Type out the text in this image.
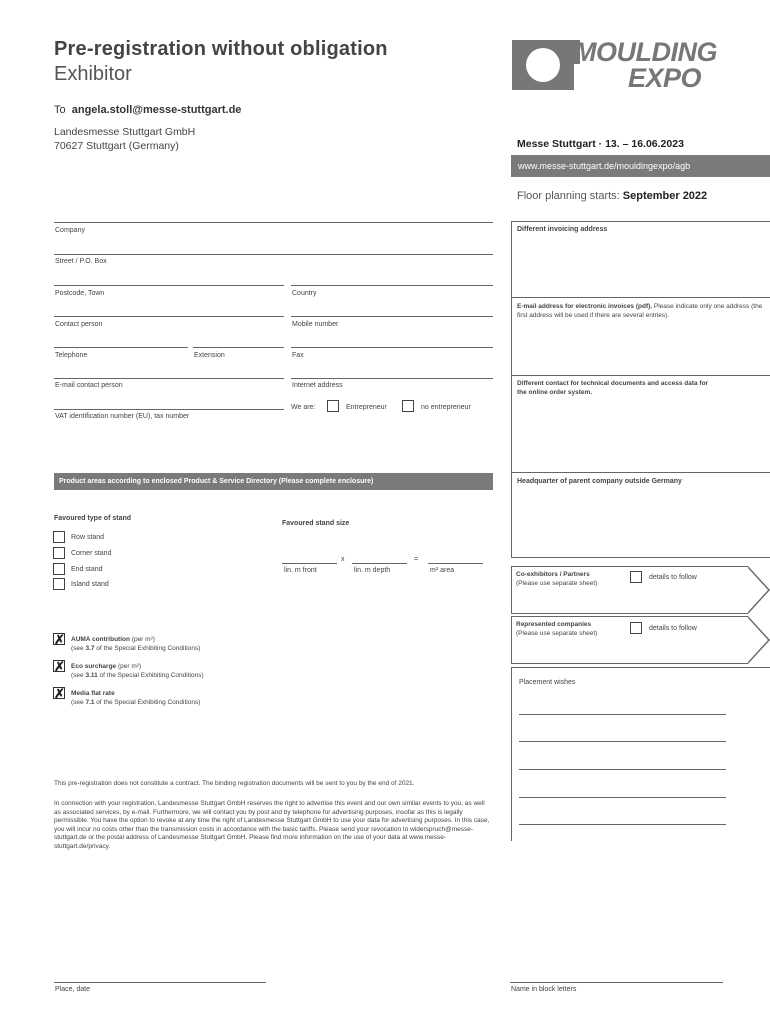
Pre-registration without obligation
Exhibitor
To angela.stoll@messe-stuttgart.de
Landesmesse Stuttgart GmbH
70627 Stuttgart (Germany)
MOULDING
EXPO
Messe Stuttgart · 13. – 16.06.2023
www.messe-stuttgart.de/mouldingexpo/agb
Floor planning starts: September 2022
Company
Street / P.O. Box
Postcode, Town	Country
Contact person	Mobile number
Telephone	Extension	Fax
E-mail contact person	Internet address
We are:	Entrepreneur	no entrepreneur
VAT identification number (EU), tax number
Product areas according to enclosed Product & Service Directory (Please complete enclosure)
Favoured type of stand
Row stand
Corner stand
End stand
Island stand
Favoured stand size
x	=
lin. m front	lin. m depth	m² area
✗ AUMA contribution (per m²)
(see 3.7 of the Special Exhibiting Conditions)
✗ Eco surcharge (per m²)
(see 3.11 of the Special Exhibiting Conditions)
✗ Media flat rate
(see 7.1 of the Special Exhibiting Conditions)
This pre-registration does not constitute a contract. The binding registration documents will be sent to you by the end of 2021.
In connection with your registration, Landesmesse Stuttgart GmbH reserves the right to advertise this event and our own similar events to you, as well as associated services, by e-mail. Furthermore, we will contact you by post and by telephone for advertising purposes, insofar as this is legally permissible. You have the option to revoke at any time the right of Landesmesse Stuttgart GmbH to use your data for advertising purposes. In this case, you will incur no costs other than the transmission costs in accordance with the basic tariffs. Please send your revocation to widerspruch@messe-stuttgart.de or the postal address of Landesmesse Stuttgart GmbH. Please find more information on the use of your data at www.messe-stuttgart.de/privacy.
Different invoicing address
E-mail address for electronic invoices (pdf). Please indicate only one address (the first address will be used if there are several entries).
Different contact for technical documents and access data for
the online order system.
Headquarter of parent company outside Germany
Co-exhibitors / Partners
(Please use separate sheet)
details to follow
Represented companies
(Please use separate sheet)
details to follow
Placement wishes
Place, date	Name in block letters
